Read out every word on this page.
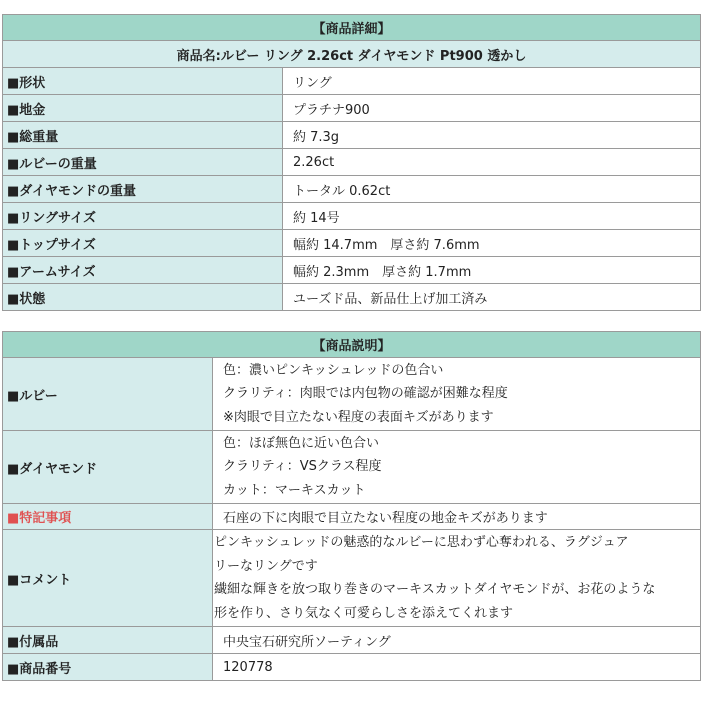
【商品詳細】	
商品名:ルビー リング 2.26ct ダイヤモンド Pt900 透かし	
■形状	リング
■地金	プラチナ900
■総重量	約 7.3g
■ルビーの重量	2.26ct
■ダイヤモンドの重量	トータル 0.62ct
■リングサイズ	約 14号
■トップサイズ	幅約 14.7mm　厚さ約 7.6mm
■アームサイズ	幅約 2.3mm　厚さ約 1.7mm
■状態	ユーズド品、新品仕上げ加工済み
【商品説明】	
■ルビー	色：濃いピンキッシュレッドの色合い
クラリティ：肉眼では内包物の確認が困難な程度
※肉眼で目立たない程度の表面キズがあります

■ダイヤモンド	色：ほぼ無色に近い色合い
クラリティ：VSクラス程度
カット：マーキスカット

■特記事項	石座の下に肉眼で目立たない程度の地金キズがあります
■コメント	ピンキッシュレッドの魅惑的なルビーに思わず心奪われる、ラグジュア
リーなリングです
繊細な輝きを放つ取り巻きのマーキスカットダイヤモンドが、お花のような
形を作り、さり気なく可愛らしさを添えてくれます

■付属品	中央宝石研究所ソーティング
■商品番号	120778
